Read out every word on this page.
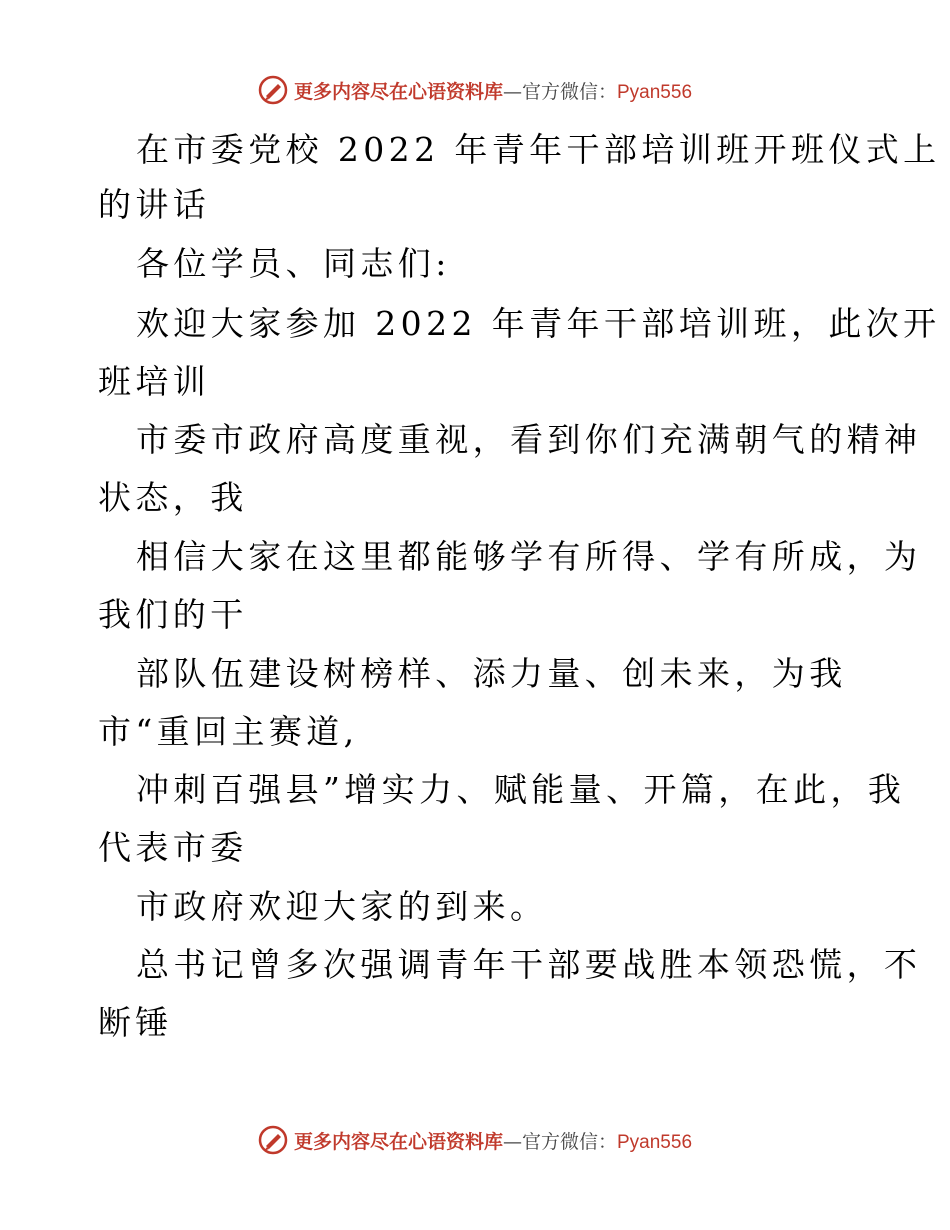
更多内容尽在心语资料库 — 官方微信： Pyan556
在市委党校 2022 年青年干部培训班开班仪式上
的讲话
各位学员、同志们:
欢迎大家参加 2022 年青年干部培训班，此次开
班培训
市委市政府高度重视，看到你们充满朝气的精神
状态，我
相信大家在这里都能够学有所得、学有所成，为
我们的干
部队伍建设树榜样、添力量、创未来，为我
市“重回主赛道,
冲刺百强县”增实力、赋能量、开篇，在此，我
代表市委
市政府欢迎大家的到来。
总书记曾多次强调青年干部要战胜本领恐慌，不
断锤
更多内容尽在心语资料库 — 官方微信： Pyan556
